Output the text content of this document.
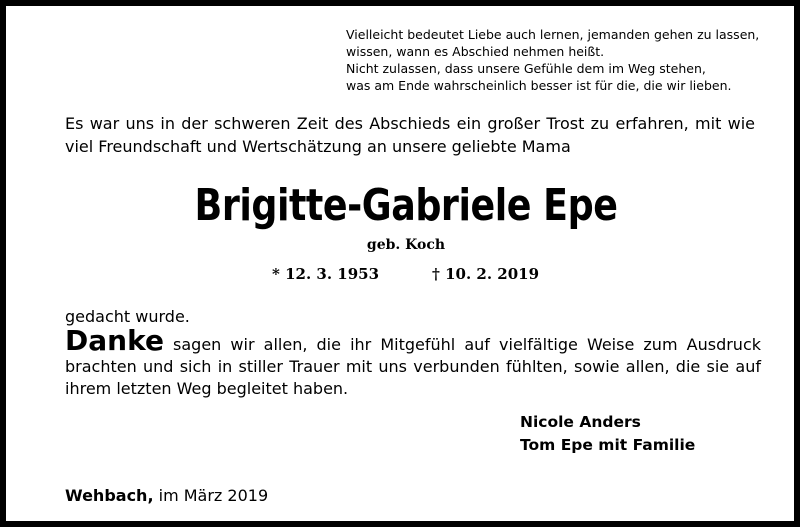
Vielleicht bedeutet Liebe auch lernen, jemanden gehen zu lassen,
wissen, wann es Abschied nehmen heißt.
Nicht zulassen, dass unsere Gefühle dem im Weg stehen,
was am Ende wahrscheinlich besser ist für die, die wir lieben.
Es war uns in der schweren Zeit des Abschieds ein großer Trost zu erfahren, mit wie viel Freundschaft und Wertschätzung an unsere geliebte Mama
Brigitte-Gabriele Epe
geb. Koch
* 12. 3. 1953	† 10. 2. 2019
gedacht wurde.
Danke sagen wir allen, die ihr Mitgefühl auf vielfältige Weise zum Ausdruck brachten und sich in stiller Trauer mit uns verbunden fühlten, sowie allen, die sie auf ihrem letzten Weg begleitet haben.
Nicole Anders
Tom Epe mit Familie
Wehbach, im März 2019
